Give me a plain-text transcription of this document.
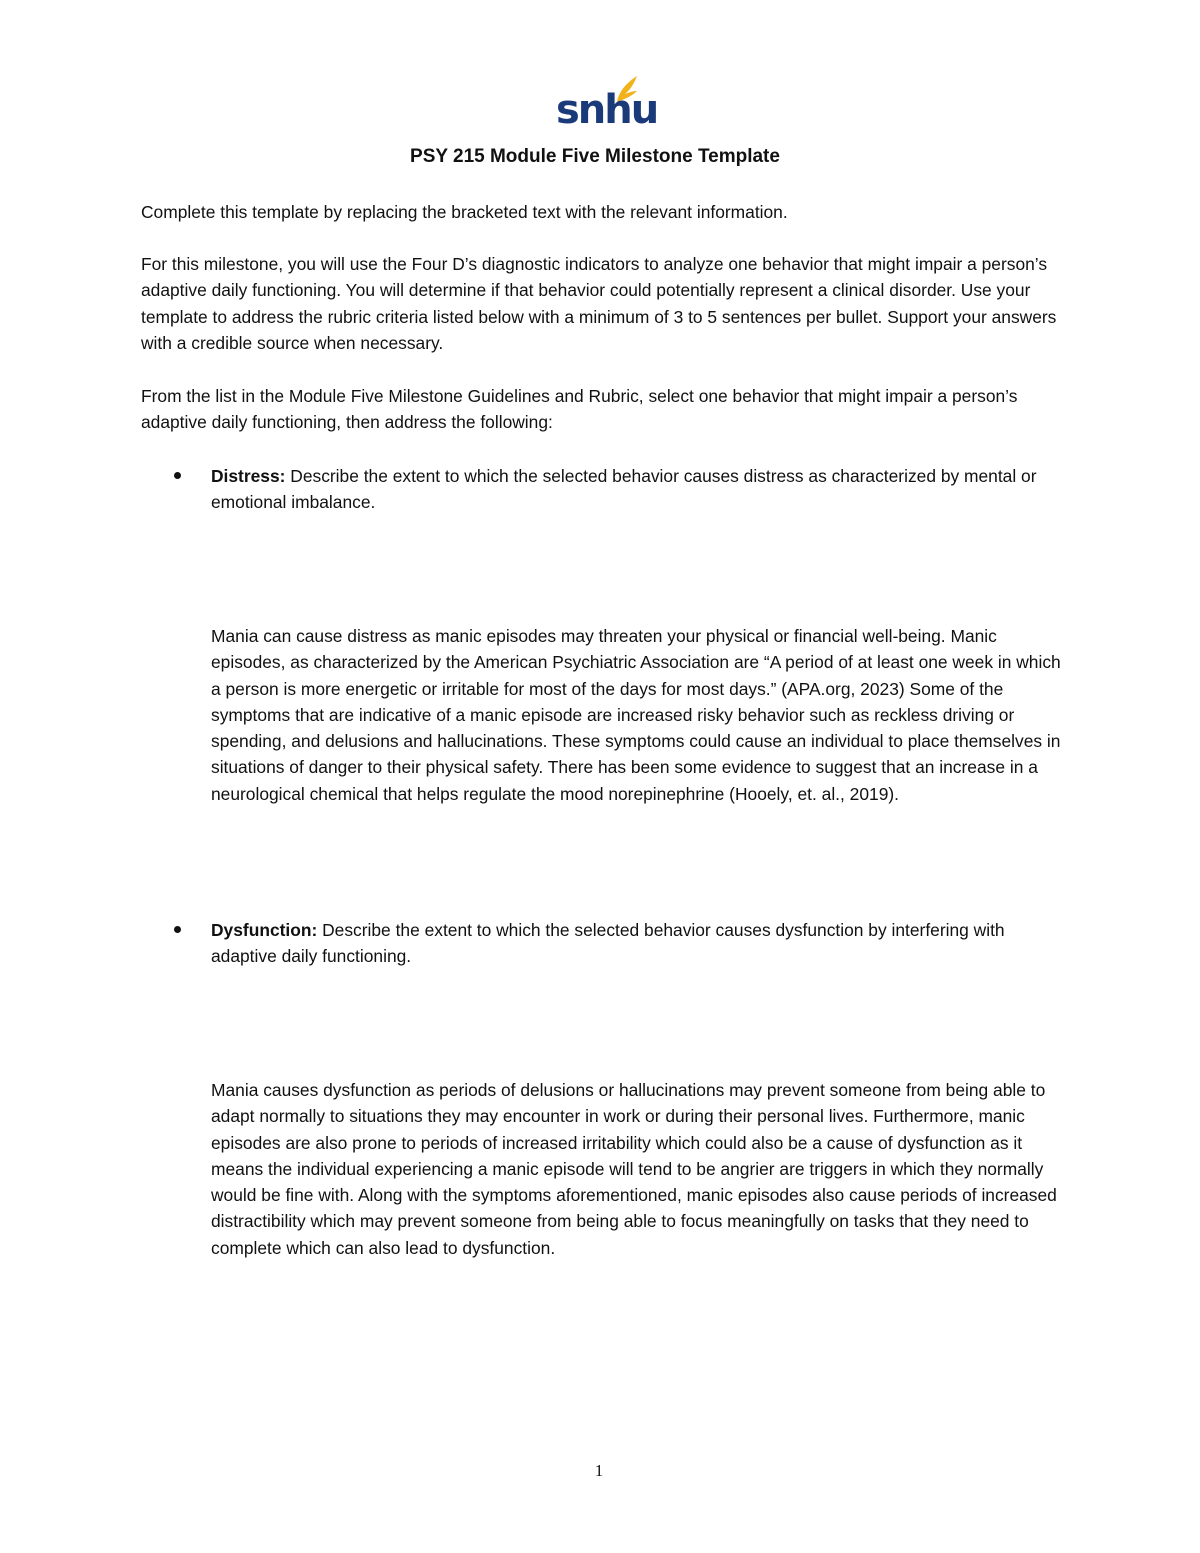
snhu
PSY 215 Module Five Milestone Template
Complete this template by replacing the bracketed text with the relevant information.
For this milestone, you will use the Four D’s diagnostic indicators to analyze one behavior that might impair a person’s adaptive daily functioning. You will determine if that behavior could potentially represent a clinical disorder. Use your template to address the rubric criteria listed below with a minimum of 3 to 5 sentences per bullet. Support your answers with a credible source when necessary.
From the list in the Module Five Milestone Guidelines and Rubric, select one behavior that might impair a person’s adaptive daily functioning, then address the following:
Distress: Describe the extent to which the selected behavior causes distress as characterized by mental or emotional imbalance.
Mania can cause distress as manic episodes may threaten your physical or financial well-being. Manic episodes, as characterized by the American Psychiatric Association are “A period of at least one week in which a person is more energetic or irritable for most of the days for most days.” (APA.org, 2023) Some of the symptoms that are indicative of a manic episode are increased risky behavior such as reckless driving or spending, and delusions and hallucinations. These symptoms could cause an individual to place themselves in situations of danger to their physical safety. There has been some evidence to suggest that an increase in a neurological chemical that helps regulate the mood norepinephrine (Hooely, et. al., 2019).
Dysfunction: Describe the extent to which the selected behavior causes dysfunction by interfering with adaptive daily functioning.
Mania causes dysfunction as periods of delusions or hallucinations may prevent someone from being able to adapt normally to situations they may encounter in work or during their personal lives. Furthermore, manic episodes are also prone to periods of increased irritability which could also be a cause of dysfunction as it means the individual experiencing a manic episode will tend to be angrier are triggers in which they normally would be fine with. Along with the symptoms aforementioned, manic episodes also cause periods of increased distractibility which may prevent someone from being able to focus meaningfully on tasks that they need to complete which can also lead to dysfunction.
1
